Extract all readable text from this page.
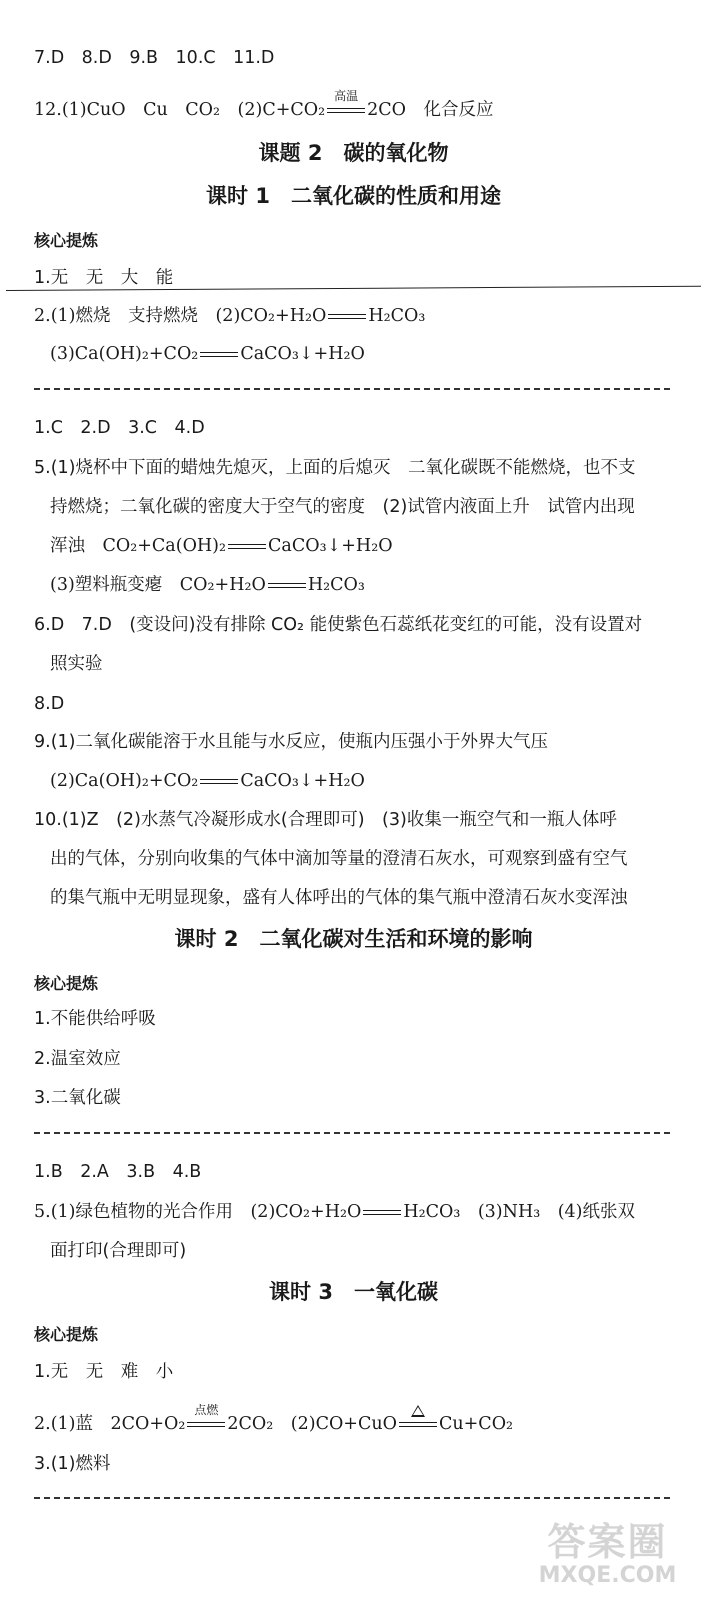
7.D　8.D　9.B　10.C　11.D
12.(1)CuO　Cu　CO₂　(2)C+CO₂
高温
2CO　化合反应
课题 2　碳的氧化物
课时 1　二氧化碳的性质和用途
核心提炼
1.无　无　大　能
2.(1)燃烧　支持燃烧　(2)CO₂+H₂O H₂CO₃
(3)Ca(OH)₂+CO₂ CaCO₃↓+H₂O
1.C　2.D　3.C　4.D
5.(1)烧杯中下面的蜡烛先熄灭，上面的后熄灭　二氧化碳既不能燃烧，也不支
持燃烧；二氧化碳的密度大于空气的密度　(2)试管内液面上升　试管内出现
浑浊　CO₂+Ca(OH)₂ CaCO₃↓+H₂O
(3)塑料瓶变瘪　CO₂+H₂O H₂CO₃
6.D　7.D　(变设问)没有排除 CO₂ 能使紫色石蕊纸花变红的可能，没有设置对
照实验
8.D
9.(1)二氧化碳能溶于水且能与水反应，使瓶内压强小于外界大气压
(2)Ca(OH)₂+CO₂ CaCO₃↓+H₂O
10.(1)Z　(2)水蒸气冷凝形成水(合理即可)　(3)收集一瓶空气和一瓶人体呼
出的气体，分别向收集的气体中滴加等量的澄清石灰水，可观察到盛有空气
的集气瓶中无明显现象，盛有人体呼出的气体的集气瓶中澄清石灰水变浑浊
课时 2　二氧化碳对生活和环境的影响
核心提炼
1.不能供给呼吸
2.温室效应
3.二氧化碳
1.B　2.A　3.B　4.B
5.(1)绿色植物的光合作用　(2)CO₂+H₂O H₂CO₃　(3)NH₃　(4)纸张双
面打印(合理即可)
课时 3　一氧化碳
核心提炼
1.无　无　难　小
2.(1)蓝　2CO+O₂
点燃
2CO₂　(2)CO+CuO Cu+CO₂
3.(1)燃料
答案圈
MXQE.COM
